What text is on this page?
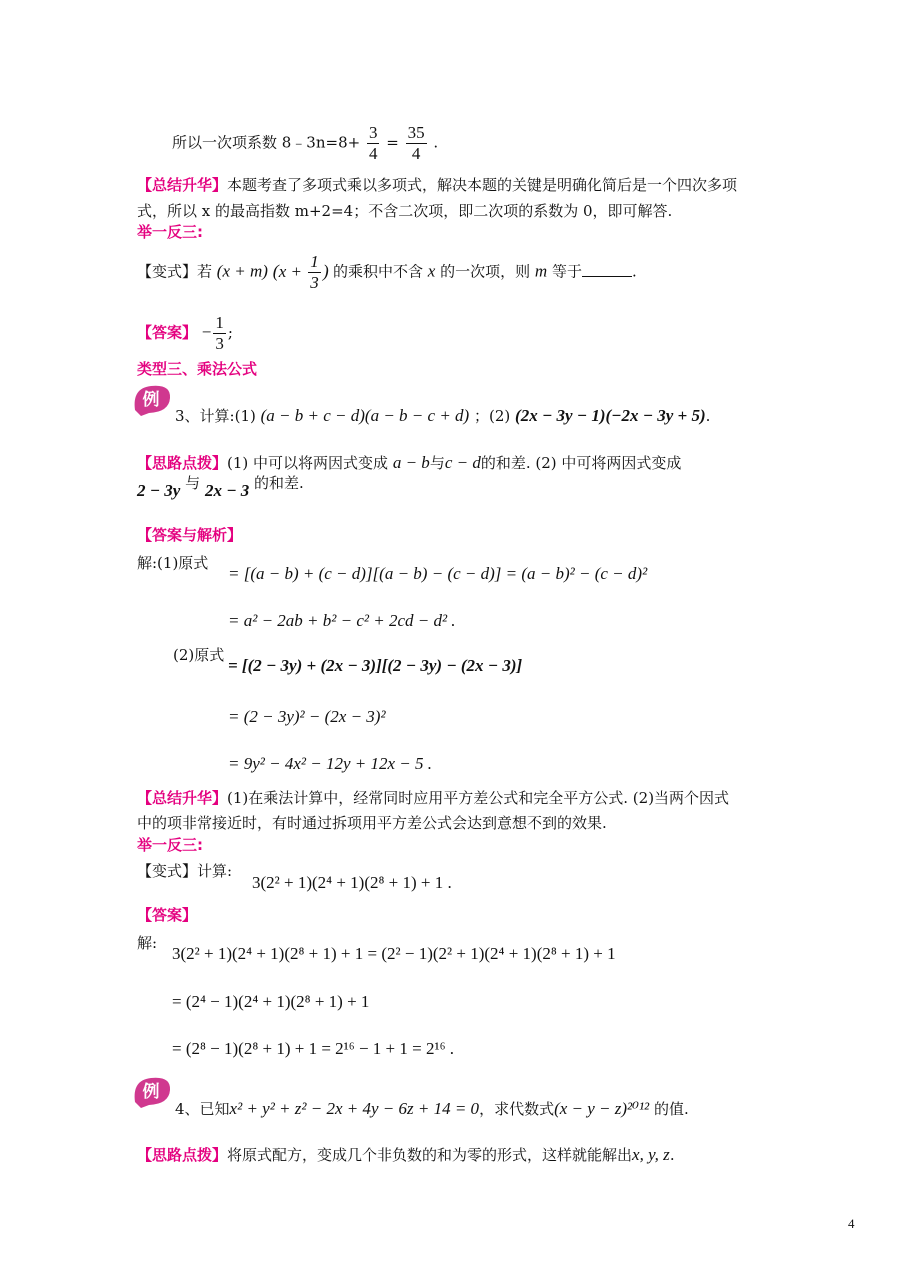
所以一次项系数 8﹣3n=8+ $\frac{3}{4} = \frac{35}{4}$ .
【总结升华】本题考查了多项式乘以多项式，解决本题的关键是明确化简后是一个四次多项
式，所以 x 的最高指数 m+2=4；不含二次项，即二次项的系数为 0，即可解答.
举一反三:
【变式】若 (x + m) ($x + \frac{1}{3}$ ) 的乘积中不含 x 的一次项，则 m 等于	.
【答案】 − $\frac{1}{3}$ ;
类型三、乘法公式
例
3、计算:(1) (a − b + c − d)(a − b − c + d) ；(2) (2x − 3y − 1)(−2x − 3y + 5).
【思路点拨】(1) 中可以将两因式变成 a − b与c − d的和差. (2) 中可将两因式变成
2 − 3y 与 2x − 3 的和差.
【答案与解析】
解:(1)原式
= [(a − b) + (c − d)][(a − b) − (c − d)] = (a − b)² − (c − d)²
= a² − 2ab + b² − c² + 2cd − d² .
(2)原式
= [(2 − 3y) + (2x − 3)][(2 − 3y) − (2x − 3)]
= (2 − 3y)² − (2x − 3)²
= 9y² − 4x² − 12y + 12x − 5 .
【总结升华】(1)在乘法计算中，经常同时应用平方差公式和完全平方公式. (2)当两个因式
中的项非常接近时，有时通过拆项用平方差公式会达到意想不到的效果.
举一反三:
【变式】计算:
3(2² + 1)(2⁴ + 1)(2⁸ + 1) + 1 .
【答案】
解:
3(2² + 1)(2⁴ + 1)(2⁸ + 1) + 1 = (2² − 1)(2² + 1)(2⁴ + 1)(2⁸ + 1) + 1
= (2⁴ − 1)(2⁴ + 1)(2⁸ + 1) + 1
= (2⁸ − 1)(2⁸ + 1) + 1 = 2¹⁶ − 1 + 1 = 2¹⁶ .
例
4、已知x² + y² + z² − 2x + 4y − 6z + 14 = 0，求代数式(x − y − z)²⁰¹² 的值.
【思路点拨】将原式配方，变成几个非负数的和为零的形式，这样就能解出x, y, z.
4
